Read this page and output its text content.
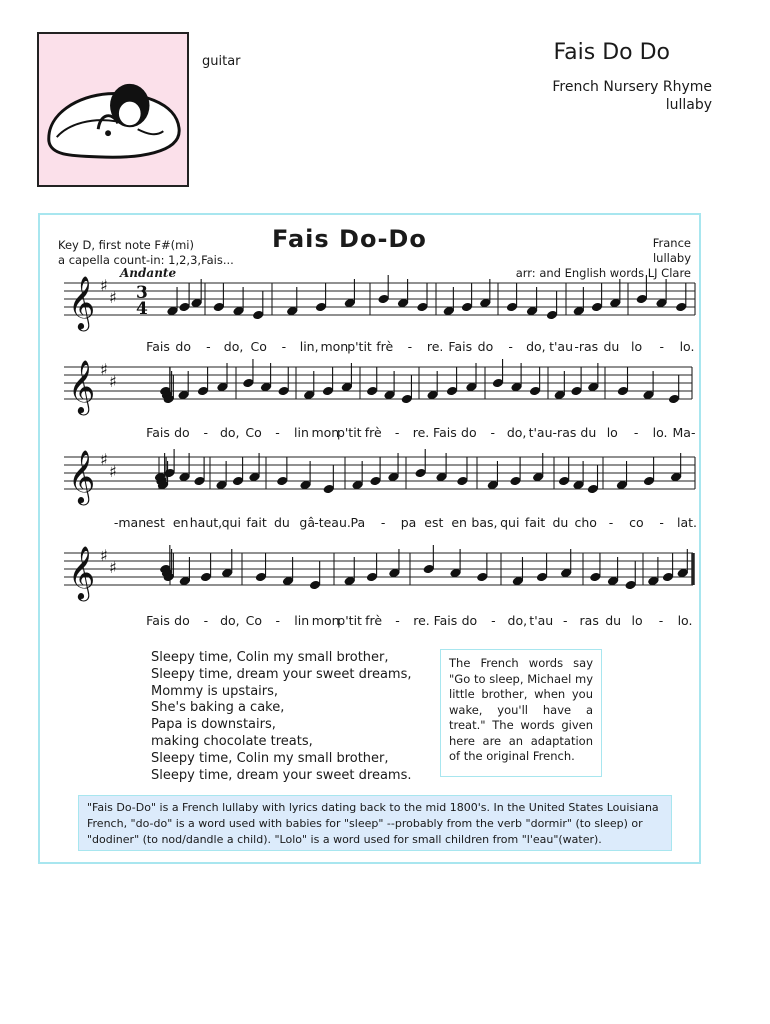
guitar	Fais Do Do
French Nursery Rhyme
lullaby
𝄞 ♯
♯ 3
4
𝄞 ♯
♯
𝄞 ♯
♯
𝄞 ♯
♯
Fais Do-Do
Key D, first note F#(mi)
a capella count-in: 1,2,3,Fais...
Andante
France
lullaby
arr: and English words LJ Clare
Fais do - do, Co - lin, mon
p'tit frè - re. Fais do - do, t'au -ras du lo - lo.
Fais do - do, Co - lin mon
p'tit frè - re. Fais do - do, t'au -ras du lo - lo. Ma-
-man est en haut, qui fait du gâ -teau. Pa - pa est en bas, qui fait du cho - co - lat.
Fais do - do, Co - lin mon
p'tit frè - re. Fais do - do, t'au - ras du lo - lo.
Sleepy time, Colin my small brother,
Sleepy time, dream your sweet dreams,
Mommy is upstairs,
She's baking a cake,
Papa is downstairs,
making chocolate treats,
Sleepy time, Colin my small brother,
Sleepy time, dream your sweet dreams.
The French words say "Go to sleep, Michael my little brother, when you wake, you'll have a treat." The words given here are an adaptation of the original French.
"Fais Do-Do" is a French lullaby with lyrics dating back to the mid 1800's. In the United States Louisiana French, "do-do" is a word used with babies for "sleep" --probably from the verb "dormir" (to sleep) or "dodiner" (to nod/dandle a child). "Lolo" is a word used for small children from "l'eau"(water).
